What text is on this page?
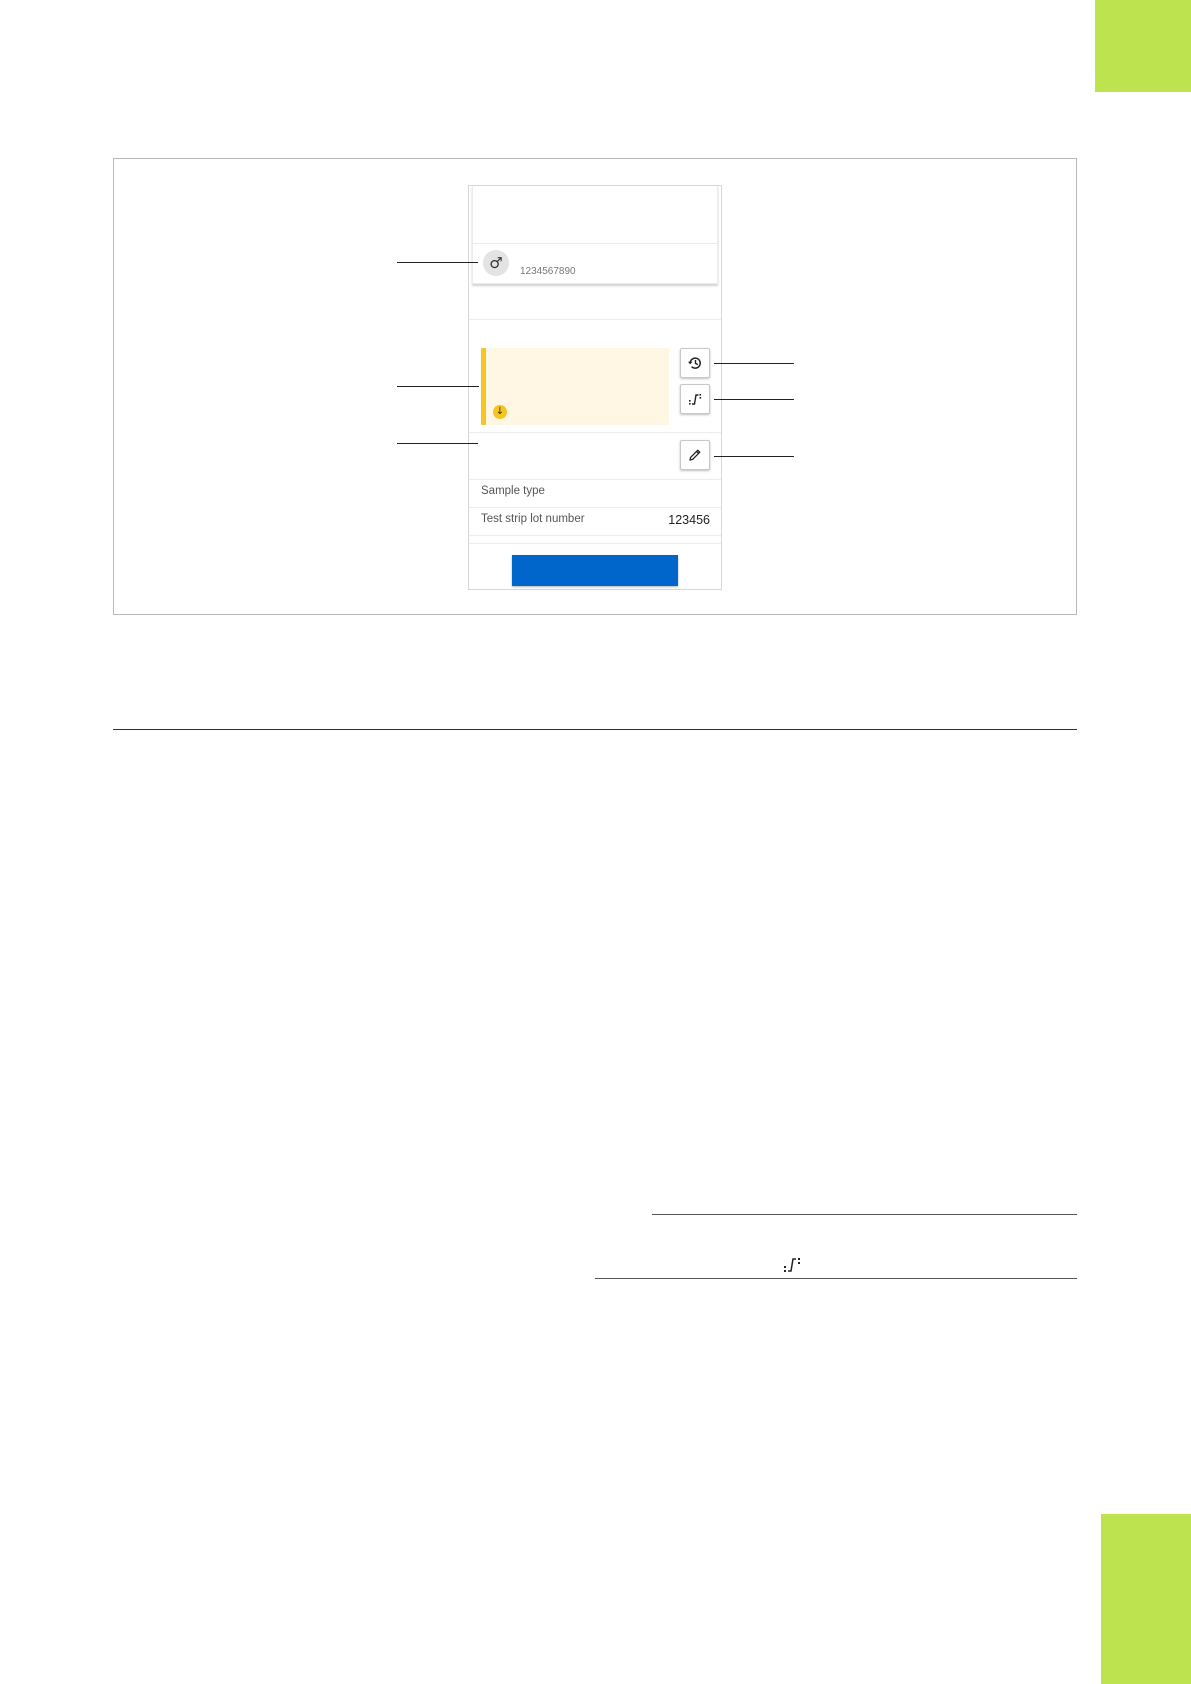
♂	1234567890
↓
Sample type
Test strip lot number	123456
